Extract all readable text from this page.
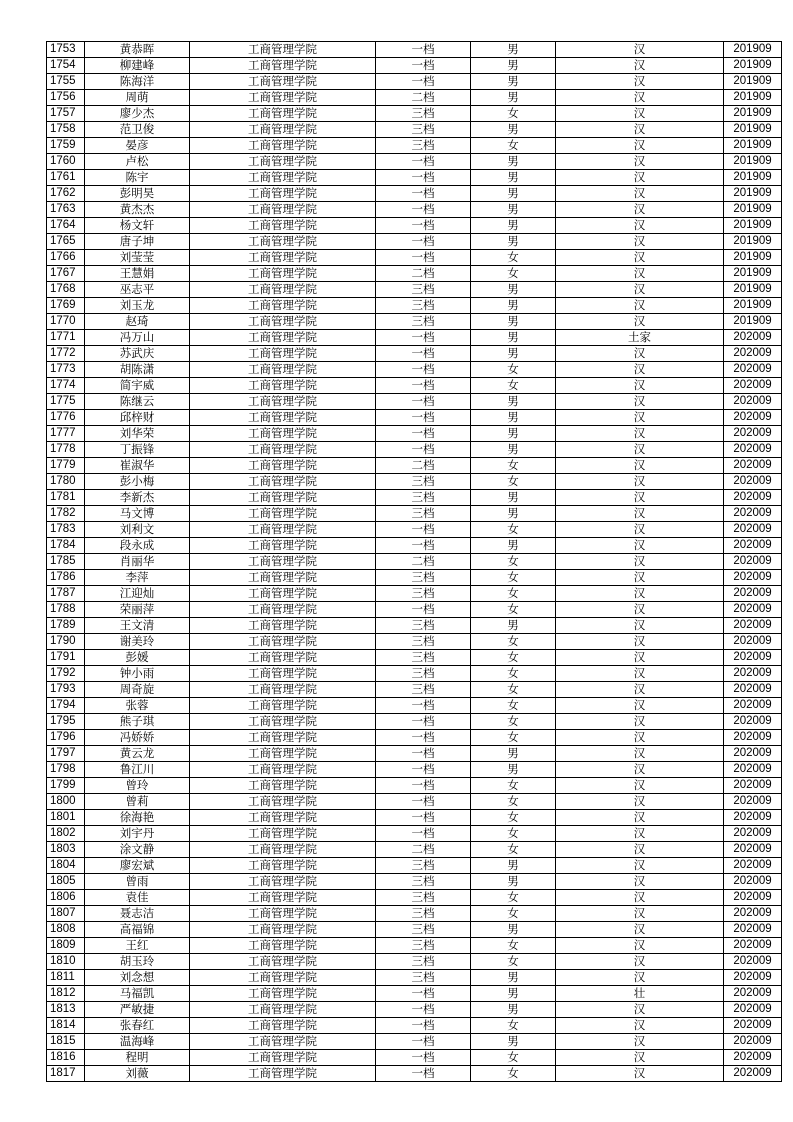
1753	黄恭晖	工商管理学院	一档	男	汉	201909
1754	柳建峰	工商管理学院	一档	男	汉	201909
1755	陈海洋	工商管理学院	一档	男	汉	201909
1756	周萌	工商管理学院	二档	男	汉	201909
1757	廖少杰	工商管理学院	三档	女	汉	201909
1758	范卫俊	工商管理学院	三档	男	汉	201909
1759	晏彦	工商管理学院	三档	女	汉	201909
1760	卢松	工商管理学院	一档	男	汉	201909
1761	陈宇	工商管理学院	一档	男	汉	201909
1762	彭明昊	工商管理学院	一档	男	汉	201909
1763	黄杰杰	工商管理学院	一档	男	汉	201909
1764	杨文轩	工商管理学院	一档	男	汉	201909
1765	唐子坤	工商管理学院	一档	男	汉	201909
1766	刘莹莹	工商管理学院	一档	女	汉	201909
1767	王慧娟	工商管理学院	二档	女	汉	201909
1768	巫志平	工商管理学院	三档	男	汉	201909
1769	刘玉龙	工商管理学院	三档	男	汉	201909
1770	赵琦	工商管理学院	三档	男	汉	201909
1771	冯万山	工商管理学院	一档	男	土家	202009
1772	苏武庆	工商管理学院	一档	男	汉	202009
1773	胡陈潇	工商管理学院	一档	女	汉	202009
1774	简宇威	工商管理学院	一档	女	汉	202009
1775	陈继云	工商管理学院	一档	男	汉	202009
1776	邱梓财	工商管理学院	一档	男	汉	202009
1777	刘华荣	工商管理学院	一档	男	汉	202009
1778	丁振锋	工商管理学院	一档	男	汉	202009
1779	崔淑华	工商管理学院	二档	女	汉	202009
1780	彭小梅	工商管理学院	三档	女	汉	202009
1781	李新杰	工商管理学院	三档	男	汉	202009
1782	马文博	工商管理学院	三档	男	汉	202009
1783	刘利文	工商管理学院	一档	女	汉	202009
1784	段永成	工商管理学院	一档	男	汉	202009
1785	肖丽华	工商管理学院	二档	女	汉	202009
1786	李萍	工商管理学院	三档	女	汉	202009
1787	江迎灿	工商管理学院	三档	女	汉	202009
1788	荣丽萍	工商管理学院	一档	女	汉	202009
1789	王文清	工商管理学院	三档	男	汉	202009
1790	谢美玲	工商管理学院	三档	女	汉	202009
1791	彭媛	工商管理学院	三档	女	汉	202009
1792	钟小雨	工商管理学院	三档	女	汉	202009
1793	周奇旋	工商管理学院	三档	女	汉	202009
1794	张蓉	工商管理学院	一档	女	汉	202009
1795	熊子琪	工商管理学院	一档	女	汉	202009
1796	冯娇娇	工商管理学院	一档	女	汉	202009
1797	黄云龙	工商管理学院	一档	男	汉	202009
1798	鲁江川	工商管理学院	一档	男	汉	202009
1799	曾玲	工商管理学院	一档	女	汉	202009
1800	曾莉	工商管理学院	一档	女	汉	202009
1801	徐海艳	工商管理学院	一档	女	汉	202009
1802	刘宇丹	工商管理学院	一档	女	汉	202009
1803	涂文静	工商管理学院	二档	女	汉	202009
1804	廖宏斌	工商管理学院	三档	男	汉	202009
1805	曾雨	工商管理学院	三档	男	汉	202009
1806	袁佳	工商管理学院	三档	女	汉	202009
1807	聂志洁	工商管理学院	三档	女	汉	202009
1808	高福锦	工商管理学院	三档	男	汉	202009
1809	王红	工商管理学院	三档	女	汉	202009
1810	胡玉玲	工商管理学院	三档	女	汉	202009
1811	刘念想	工商管理学院	三档	男	汉	202009
1812	马福凯	工商管理学院	一档	男	壮	202009
1813	严敏捷	工商管理学院	一档	男	汉	202009
1814	张春红	工商管理学院	一档	女	汉	202009
1815	温海峰	工商管理学院	一档	男	汉	202009
1816	程明	工商管理学院	一档	女	汉	202009
1817	刘薇	工商管理学院	一档	女	汉	202009
